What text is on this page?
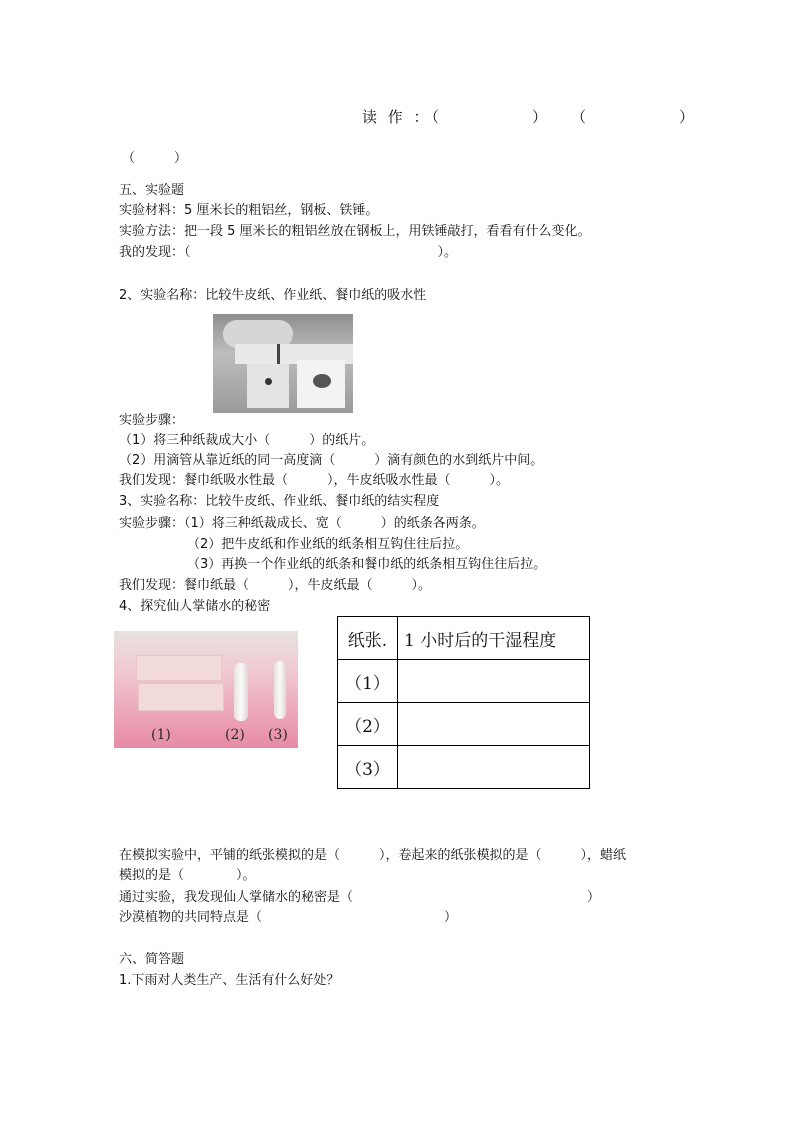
读 作 ：（　　　　　）　　（　　　　　）
（　　　）
五、实验题
实验材料：5 厘米长的粗铝丝，钢板、铁锤。
实验方法：把一段 5 厘米长的粗铝丝放在钢板上，用铁锤敲打，看看有什么变化。
我的发现：（　　　　　　　　　　　　　　　　　　　）。
2、实验名称：比较牛皮纸、作业纸、餐巾纸的吸水性
实验步骤：
（1）将三种纸裁成大小（　　　）的纸片。
（2）用滴管从靠近纸的同一高度滴（　　　）滴有颜色的水到纸片中间。
我们发现：餐巾纸吸水性最（　　　），牛皮纸吸水性最（　　　）。
3、实验名称：比较牛皮纸、作业纸、餐巾纸的结实程度
实验步骤：（1）将三种纸裁成长、宽（　　　）的纸条各两条。
（2）把牛皮纸和作业纸的纸条相互钩住往后拉。
（3）再换一个作业纸的纸条和餐巾纸的纸条相互钩住往后拉。
我们发现：餐巾纸最（　　　），牛皮纸最（　　　）。
4、探究仙人掌储水的秘密
(1)	(2) (3)
纸张.	1 小时后的干湿程度
（1）	
（2）	
（3）	
在模拟实验中，平铺的纸张模拟的是（　　　），卷起来的纸张模拟的是（　　　），蜡纸
模拟的是（　　　　）。
通过实验，我发现仙人掌储水的秘密是（　　　　　　　　　　　　　　　　　　）
沙漠植物的共同特点是（　　　　　　　　　　　　　　）
六、简答题
1.下雨对人类生产、生活有什么好处？
